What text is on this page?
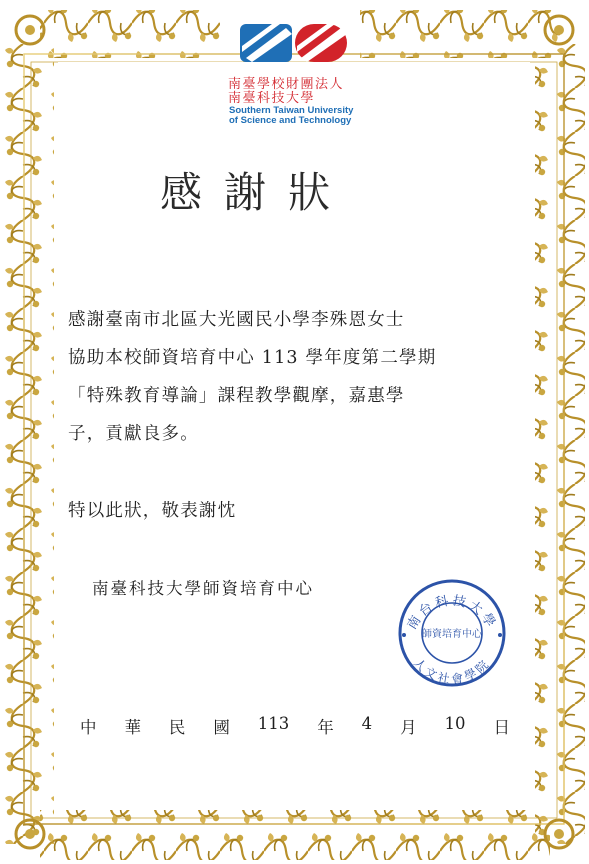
南臺學校財團法人
南臺科技大學
Southern Taiwan University
of Science and Technology
感謝狀
感謝臺南市北區大光國民小學李殊恩女士
協助本校師資培育中心 113 學年度第二學期
「特殊教育導論」課程教學觀摩，嘉惠學
子，貢獻良多。
特以此狀，敬表謝忱
南臺科技大學師資培育中心
南台科技大學
人文社會學院
師資培育中心
中 華 民 國 113 年 4 月 10 日
